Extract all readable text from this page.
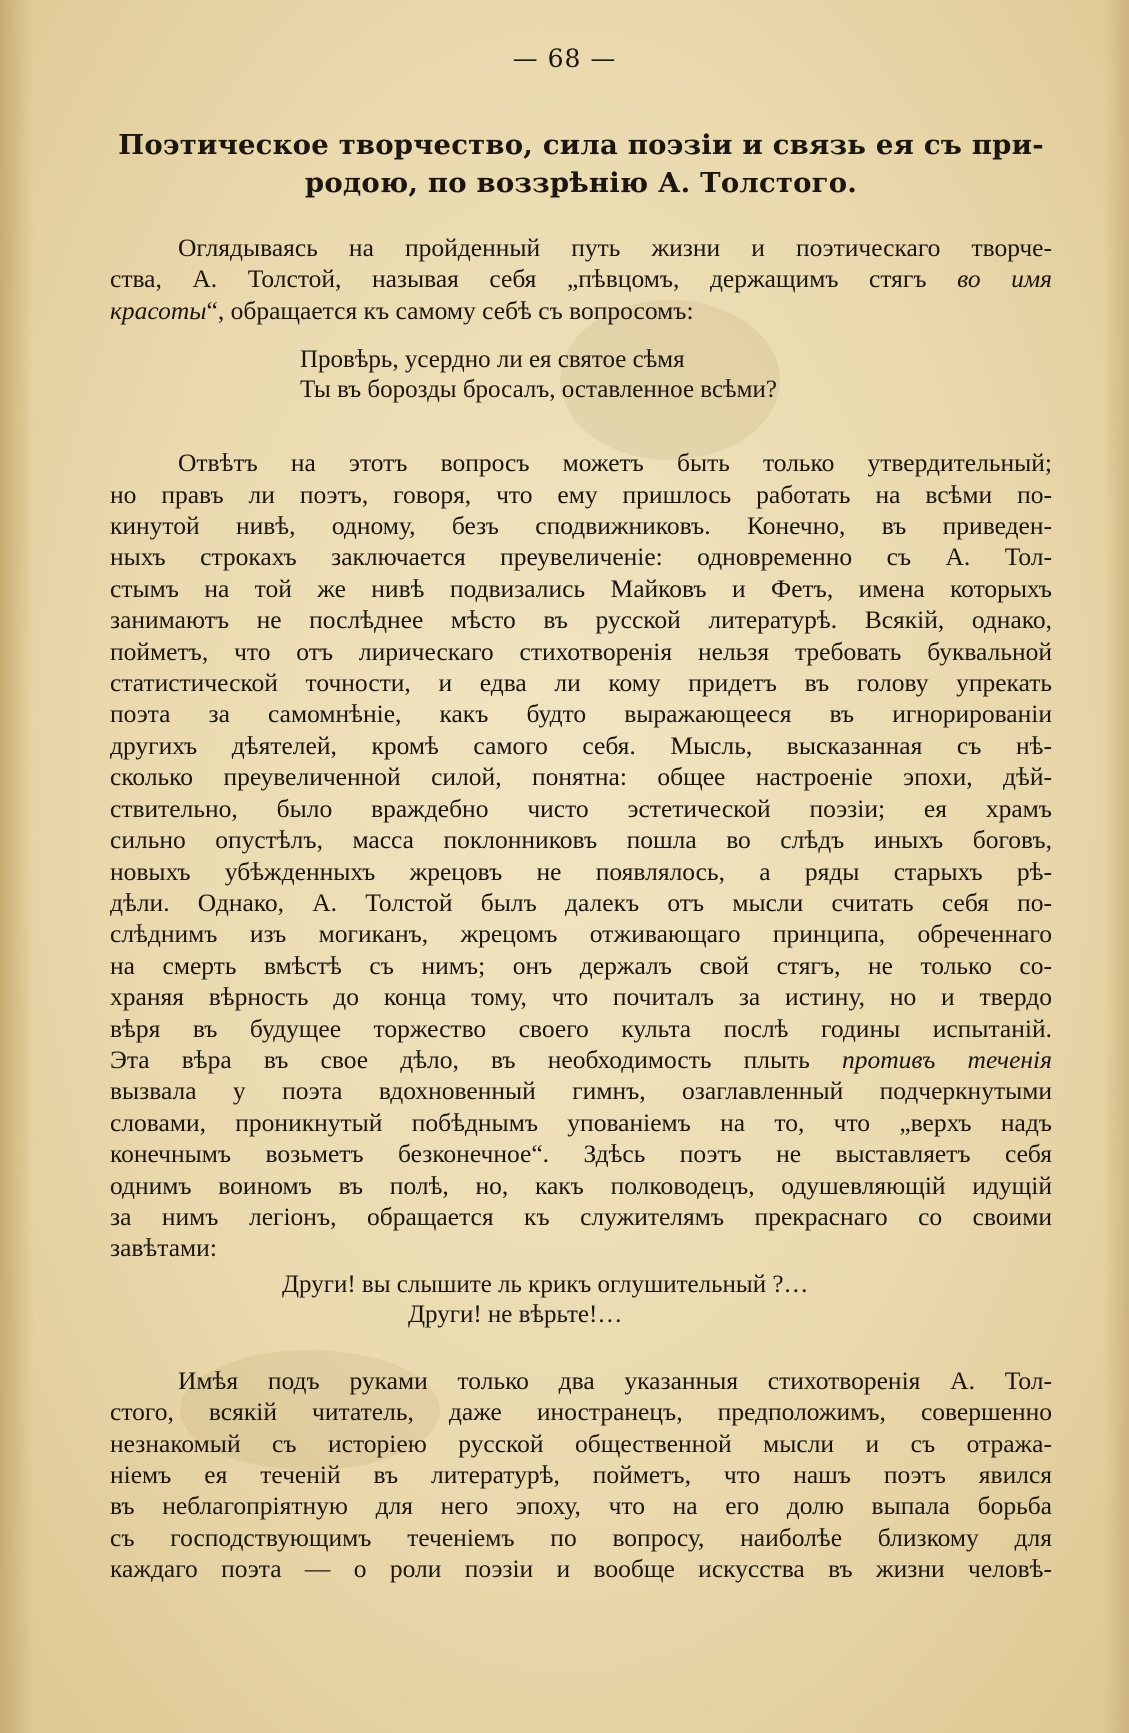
— 68 —
Поэтическое творчество, сила поэзіи и связь ея съ при-
родою, по воззрѣнію А. Толстого.
Оглядываясь на пройденный путь жизни и поэтическаго творче-
ства, А. Толстой, называя себя „пѣвцомъ, держащимъ стягъ во имя
красоты“, обращается къ самому себѣ съ вопросомъ:
Провѣрь, усердно ли ея святое сѣмя
Ты въ борозды бросалъ, оставленное всѣми?
Отвѣтъ на этотъ вопросъ можетъ быть только утвердительный;
но правъ ли поэтъ, говоря, что ему пришлось работать на всѣми по-
кинутой нивѣ, одному, безъ сподвижниковъ. Конечно, въ приведен-
ныхъ строкахъ заключается преувеличеніе: одновременно съ А. Тол-
стымъ на той же нивѣ подвизались Майковъ и Фетъ, имена которыхъ
занимаютъ не послѣднее мѣсто въ русской литературѣ. Всякій, однако,
пойметъ, что отъ лирическаго стихотворенія нельзя требовать буквальной
статистической точности, и едва ли кому придетъ въ голову упрекать
поэта за самомнѣніе, какъ будто выражающееся въ игнорированіи
другихъ дѣятелей, кромѣ самого себя. Мысль, высказанная съ нѣ-
сколько преувеличенной силой, понятна: общее настроеніе эпохи, дѣй-
ствительно, было враждебно чисто эстетической поэзіи; ея храмъ
сильно опустѣлъ, масса поклонниковъ пошла во слѣдъ иныхъ боговъ,
новыхъ убѣжденныхъ жрецовъ не появлялось, а ряды старыхъ рѣ-
дѣли. Однако, А. Толстой былъ далекъ отъ мысли считать себя по-
слѣднимъ изъ могиканъ, жрецомъ отживающаго принципа, обреченнаго
на смерть вмѣстѣ съ нимъ; онъ держалъ свой стягъ, не только со-
храняя вѣрность до конца тому, что почиталъ за истину, но и твердо
вѣря въ будущее торжество своего культа послѣ годины испытаній.
Эта вѣра въ свое дѣло, въ необходимость плыть противъ теченія
вызвала у поэта вдохновенный гимнъ, озаглавленный подчеркнутыми
словами, проникнутый побѣднымъ упованіемъ на то, что „верхъ надъ
конечнымъ возьметъ безконечное“. Здѣсь поэтъ не выставляетъ себя
однимъ воиномъ въ полѣ, но, какъ полководецъ, одушевляющій идущій
за нимъ легіонъ, обращается къ служителямъ прекраснаго со своими
завѣтами:
Други! вы слышите ль крикъ оглушительный ?…
Други! не вѣрьте!…
Имѣя подъ руками только два указанныя стихотворенія А. Тол-
стого, всякій читатель, даже иностранецъ, предположимъ, совершенно
незнакомый съ исторіею русской общественной мысли и съ отража-
ніемъ ея теченій въ литературѣ, пойметъ, что нашъ поэтъ явился
въ неблагопріятную для него эпоху, что на его долю выпала борьба
съ господствующимъ теченіемъ по вопросу, наиболѣе близкому для
каждаго поэта — о роли поэзіи и вообще искусства въ жизни человѣ-
